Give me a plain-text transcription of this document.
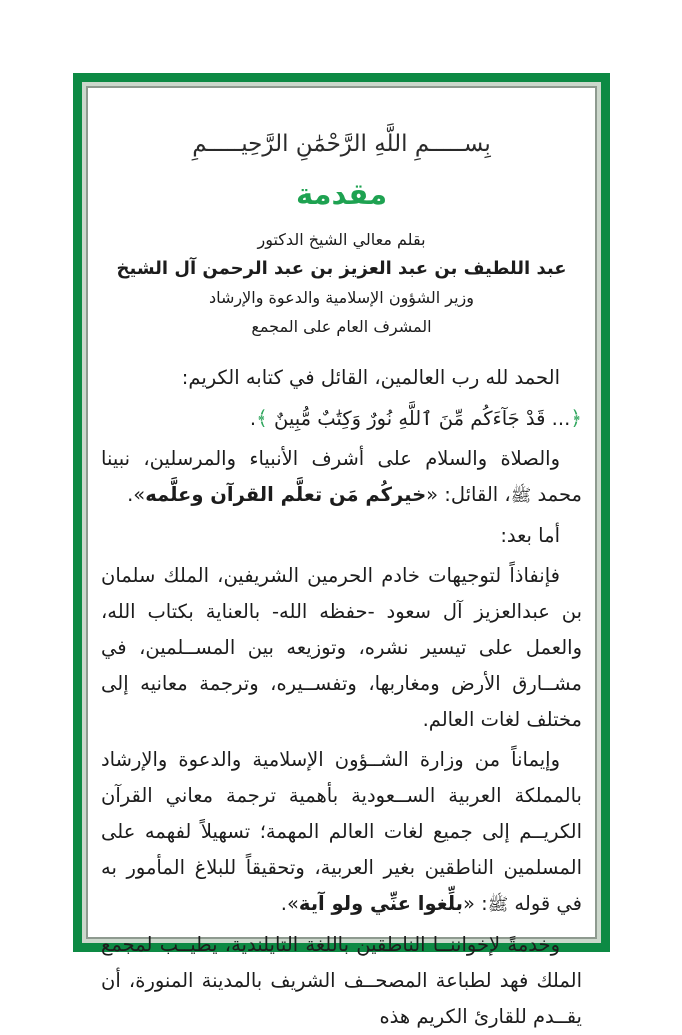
بِســـــمِ اللَّهِ الرَّحْمَٰنِ الرَّحِيـــــمِ
مقدمة
بقلم معالي الشيخ الدكتور
عبد اللطيف بن عبد العزيز بن عبد الرحمن آل الشيخ
وزير الشؤون الإسلامية والدعوة والإرشاد
المشرف العام على المجمع
الحمد لله رب العالمين، القائل في كتابه الكريم:
﴿... قَدْ جَآءَكُم مِّنَ ٱللَّهِ نُورٌ وَكِتَٰبٌ مُّبِينٌ ﴾.
والصلاة والسلام على أشرف الأنبياء والمرسلين، نبينا محمد ﷺ، القائل: «خيركُم مَن تعلَّم القرآن وعلَّمه».
أما بعد:
فإنفاذاً لتوجيهات خادم الحرمين الشريفين، الملك سلمان بن عبدالعزيز آل سعود -حفظه الله- بالعناية بكتاب الله، والعمل على تيسير نشره، وتوزيعه بين المســلمين، في مشــارق الأرض ومغاربها، وتفســيره، وترجمة معانيه إلى مختلف لغات العالم.
وإيماناً من وزارة الشــؤون الإسلامية والدعوة والإرشاد بالمملكة العربية الســعودية بأهمية ترجمة معاني القرآن الكريــم إلى جميع لغات العالم المهمة؛ تسهيلاً لفهمه على المسلمين الناطقين بغير العربية، وتحقيقاً للبلاغ المأمور به في قوله ﷺ: «بلِّغوا عنِّي ولو آية».
وخدمةً لإخواننــا الناطقين باللغة التايلندية، يطيــب لمجمع الملك فهد لطباعة المصحــف الشريف بالمدينة المنورة، أن يقــدم للقارئ الكريم هذه
